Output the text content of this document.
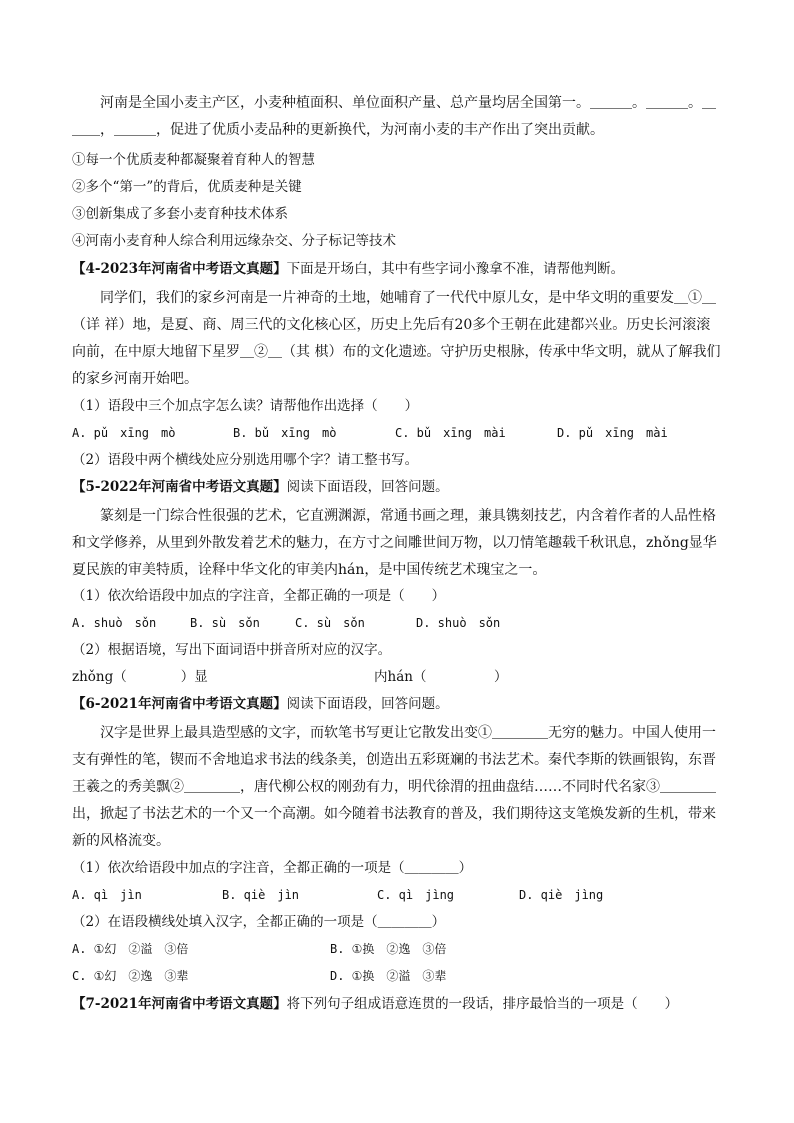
河南是全国小麦主产区，小麦种植面积、单位面积产量、总产量均居全国第一。＿＿＿。＿＿＿。＿＿＿，＿＿＿，促进了优质小麦品种的更新换代，为河南小麦的丰产作出了突出贡献。
①每一个优质麦种都凝聚着育种人的智慧
②多个“第一”的背后，优质麦种是关键
③创新集成了多套小麦育种技术体系
④河南小麦育种人综合利用远缘杂交、分子标记等技术
【4-2023年河南省中考语文真题】下面是开场白，其中有些字词小豫拿不准，请帮他判断。
同学们，我们的家乡河南是一片神奇的土地，她哺育了一代代中原儿女，是中华文明的重要发＿①＿（详 祥）地，是夏、商、周三代的文化核心区，历史上先后有20多个王朝在此建都兴业。历史长河滚滚向前，在中原大地留下星罗＿②＿（其 棋）布的文化遗迹。守护历史根脉，传承中华文明，就从了解我们的家乡河南开始吧。
（1）语段中三个加点字怎么读？请帮他作出选择（　　）
A. pǔ　xīng　mò	B. bǔ　xīng　mò	C. bǔ　xīng　mài	D. pǔ　xīng　mài
（2）语段中两个横线处应分别选用哪个字？请工整书写。
【5-2022年河南省中考语文真题】阅读下面语段，回答问题。
篆刻是一门综合性很强的艺术，它直溯渊源，常通书画之理，兼具镌刻技艺，内含着作者的人品性格和文学修养，从里到外散发着艺术的魅力，在方寸之间雕世间万物，以刀情笔趣载千秋讯息，zhǒng显华夏民族的审美特质，诠释中华文化的审美内hán，是中国传统艺术瑰宝之一。
（1）依次给语段中加点的字注音，全都正确的一项是（　　）
A. shuò　sǒn	B. sù　sǒn	C. sù　sǒn	D. shuò　sǒn
（2）根据语境，写出下面词语中拼音所对应的汉字。
zhǒng（　　　　）显	内hán（　　　　　）
【6-2021年河南省中考语文真题】阅读下面语段，回答问题。
汉字是世界上最具造型感的文字，而软笔书写更让它散发出变①＿＿＿＿无穷的魅力。中国人使用一支有弹性的笔，锲而不舍地追求书法的线条美，创造出五彩斑斓的书法艺术。秦代李斯的铁画银钩，东晋王羲之的秀美飘②＿＿＿＿，唐代柳公权的刚劲有力，明代徐渭的扭曲盘结……不同时代名家③＿＿＿＿出，掀起了书法艺术的一个又一个高潮。如今随着书法教育的普及，我们期待这支笔焕发新的生机，带来新的风格流变。
（1）依次给语段中加点的字注音，全都正确的一项是（＿＿＿＿）
A. qì　jìn	B. qiè　jìn	C. qì　jìng	D. qiè　jìng
（2）在语段横线处填入汉字，全都正确的一项是（＿＿＿＿）
A. ①幻　②溢　③倍	B. ①换　②逸　③倍
C. ①幻　②逸　③辈	D. ①换　②溢　③辈
【7-2021年河南省中考语文真题】将下列句子组成语意连贯的一段话，排序最恰当的一项是（　　）
